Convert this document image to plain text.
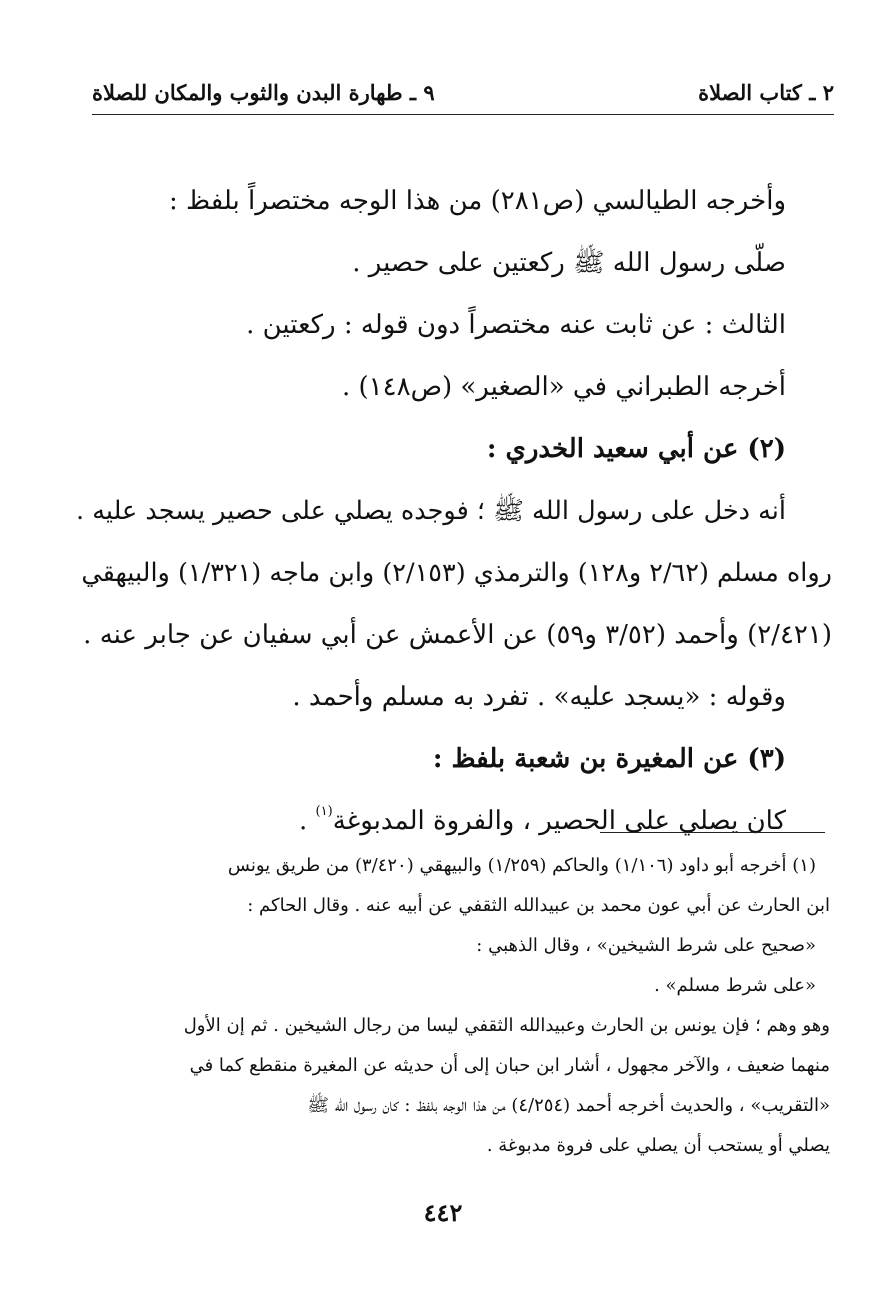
٢ ـ كتاب الصلاة
٩ ـ طهارة البدن والثوب والمكان للصلاة
وأخرجه الطيالسي (ص٢٨١) من هذا الوجه مختصراً بلفظ :
صلّى رسول الله ﷺ ركعتين على حصير .
الثالث : عن ثابت عنه مختصراً دون قوله : ركعتين .
أخرجه الطبراني في «الصغير» (ص١٤٨) .
(٢) عن أبي سعيد الخدري :
أنه دخل على رسول الله ﷺ ؛ فوجده يصلي على حصير يسجد عليه .
رواه مسلم (٢/٦٢ و١٢٨) والترمذي (٢/١٥٣) وابن ماجه (١/٣٢١) والبيهقي
(٢/٤٢١) وأحمد (٣/٥٢ و٥٩) عن الأعمش عن أبي سفيان عن جابر عنه .
وقوله : «يسجد عليه» . تفرد به مسلم وأحمد .
(٣) عن المغيرة بن شعبة بلفظ :
كان يصلي على الحصير ، والفروة المدبوغة$^{(١)}$ .
(١) أخرجه أبو داود (١/١٠٦) والحاكم (١/٢٥٩) والبيهقي (٣/٤٢٠) من طريق يونس
ابن الحارث عن أبي عون محمد بن عبيدالله الثقفي عن أبيه عنه . وقال الحاكم :
«صحيح على شرط الشيخين» ، وقال الذهبي :
«على شرط مسلم» .
وهو وهم ؛ فإن يونس بن الحارث وعبيدالله الثقفي ليسا من رجال الشيخين . ثم إن الأول
منهما ضعيف ، والآخر مجهول ، أشار ابن حبان إلى أن حديثه عن المغيرة منقطع كما في
«التقريب» ، والحديث أخرجه أحمد (٤/٢٥٤) من هذا الوجه بلفظ : كان رسول الله ﷺ
يصلي أو يستحب أن يصلي على فروة مدبوغة .
٤٤٢
